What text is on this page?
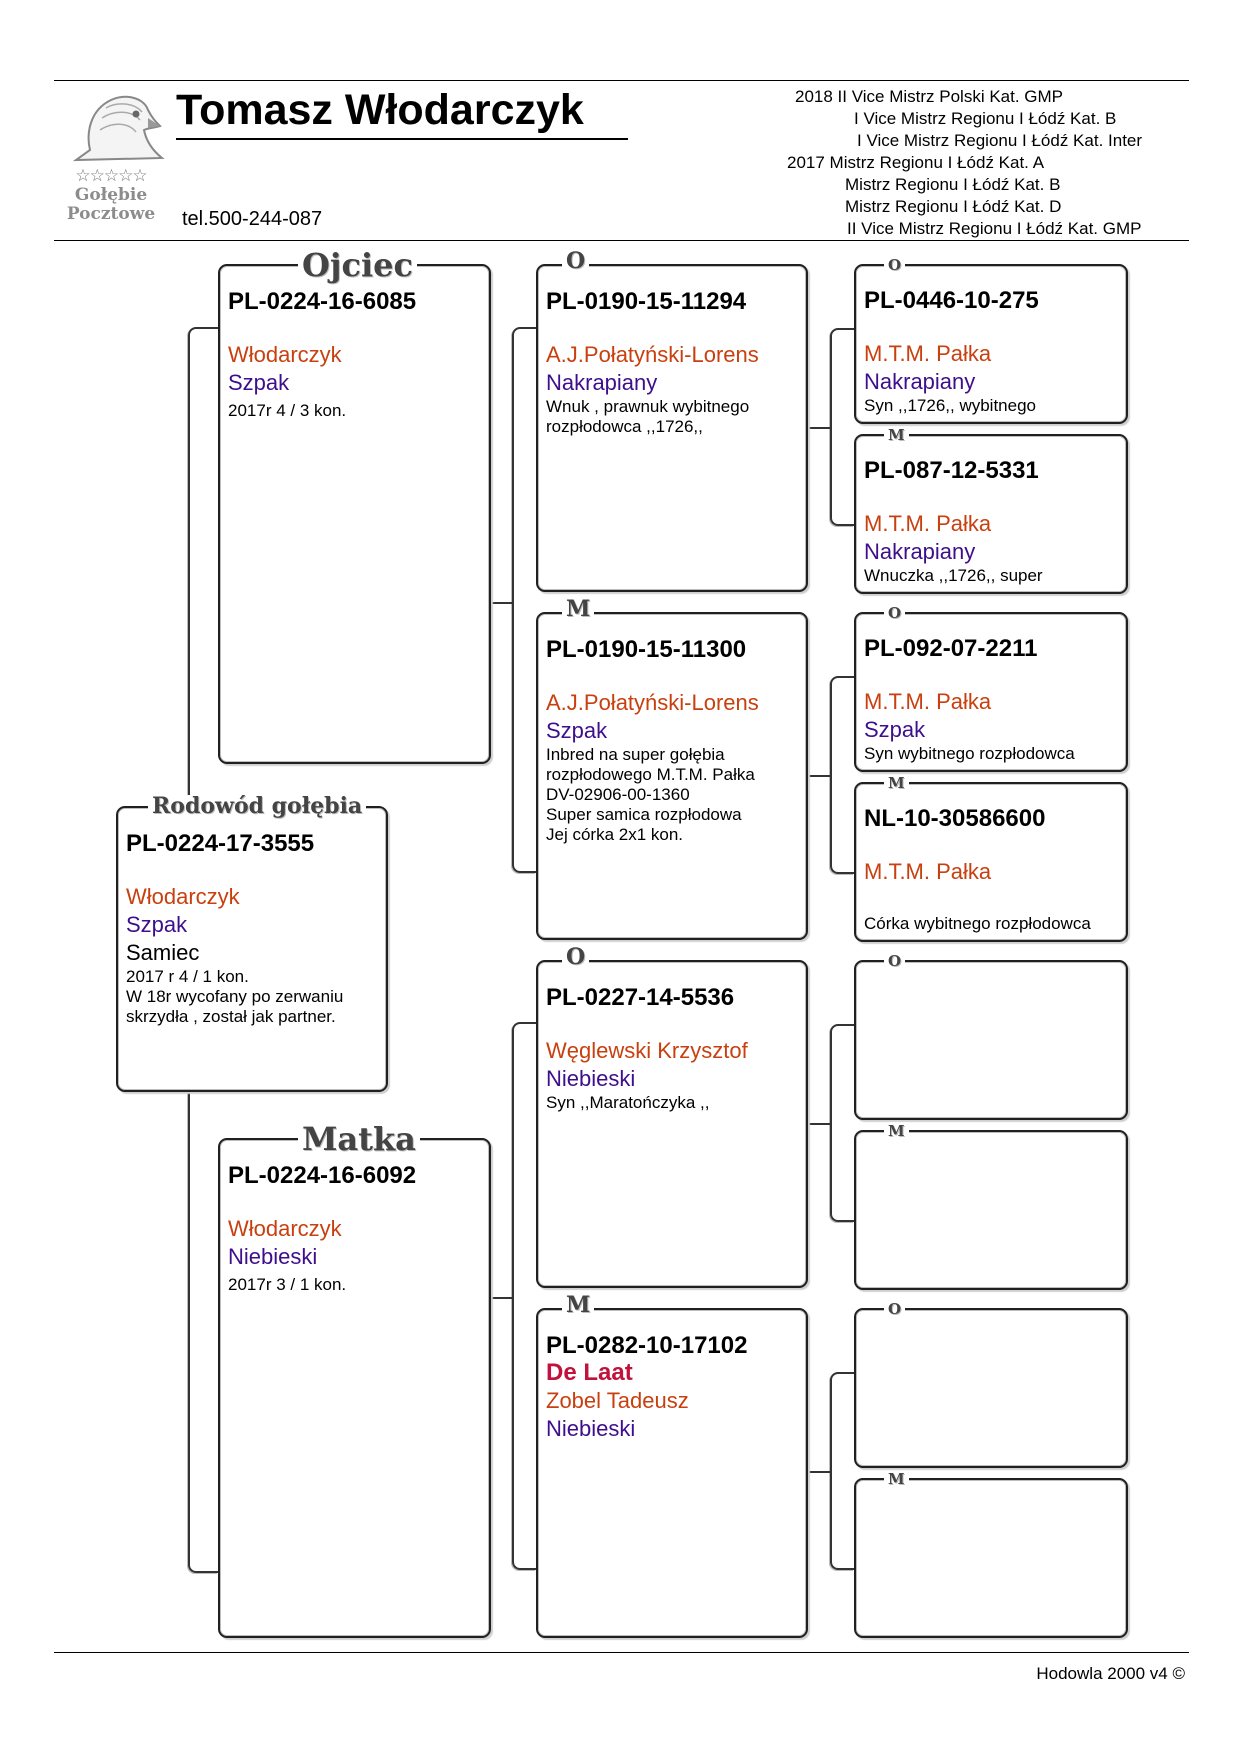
☆☆☆☆☆
Gołębie
Pocztowe
Tomasz Włodarczyk
tel.500-244-087
2018 II Vice Mistrz Polski Kat. GMP
I Vice Mistrz Regionu I Łódź Kat. B
I Vice Mistrz Regionu I Łódź Kat. Inter
2017 Mistrz Regionu I Łódź Kat. A
Mistrz Regionu I Łódź Kat. B
Mistrz Regionu I Łódź Kat. D
II Vice Mistrz Regionu I Łódź Kat. GMP
PL-0224-17-3555
Włodarczyk
Szpak
Samiec
2017 r 4 / 1 kon.
W 18r wycofany po zerwaniu
skrzydła , został jak partner.
Rodowód gołębia
PL-0224-16-6085
Włodarczyk
Szpak
2017r 4 / 3 kon.
Ojciec
PL-0224-16-6092
Włodarczyk
Niebieski
2017r 3 / 1 kon.
Matka
PL-0190-15-11294
A.J.Połatyński-Lorens
Nakrapiany
Wnuk , prawnuk wybitnego
rozpłodowca ,,1726,,
O
PL-0190-15-11300
A.J.Połatyński-Lorens
Szpak
Inbred na super gołębia
rozpłodowego M.T.M. Pałka
DV-02906-00-1360
Super samica rozpłodowa
Jej córka 2x1 kon.
M
PL-0227-14-5536
Węglewski Krzysztof
Niebieski
Syn ,,Maratończyka ,,
O
PL-0282-10-17102
De Laat
Zobel Tadeusz
Niebieski
M
PL-0446-10-275
M.T.M. Pałka
Nakrapiany
Syn ,,1726,, wybitnego
O
PL-087-12-5331
M.T.M. Pałka
Nakrapiany
Wnuczka ,,1726,, super
M
PL-092-07-2211
M.T.M. Pałka
Szpak
Syn wybitnego rozpłodowca
O
NL-10-30586600
M.T.M. Pałka
Córka wybitnego rozpłodowca
M
O
M
O
M
Hodowla 2000 v4 ©
